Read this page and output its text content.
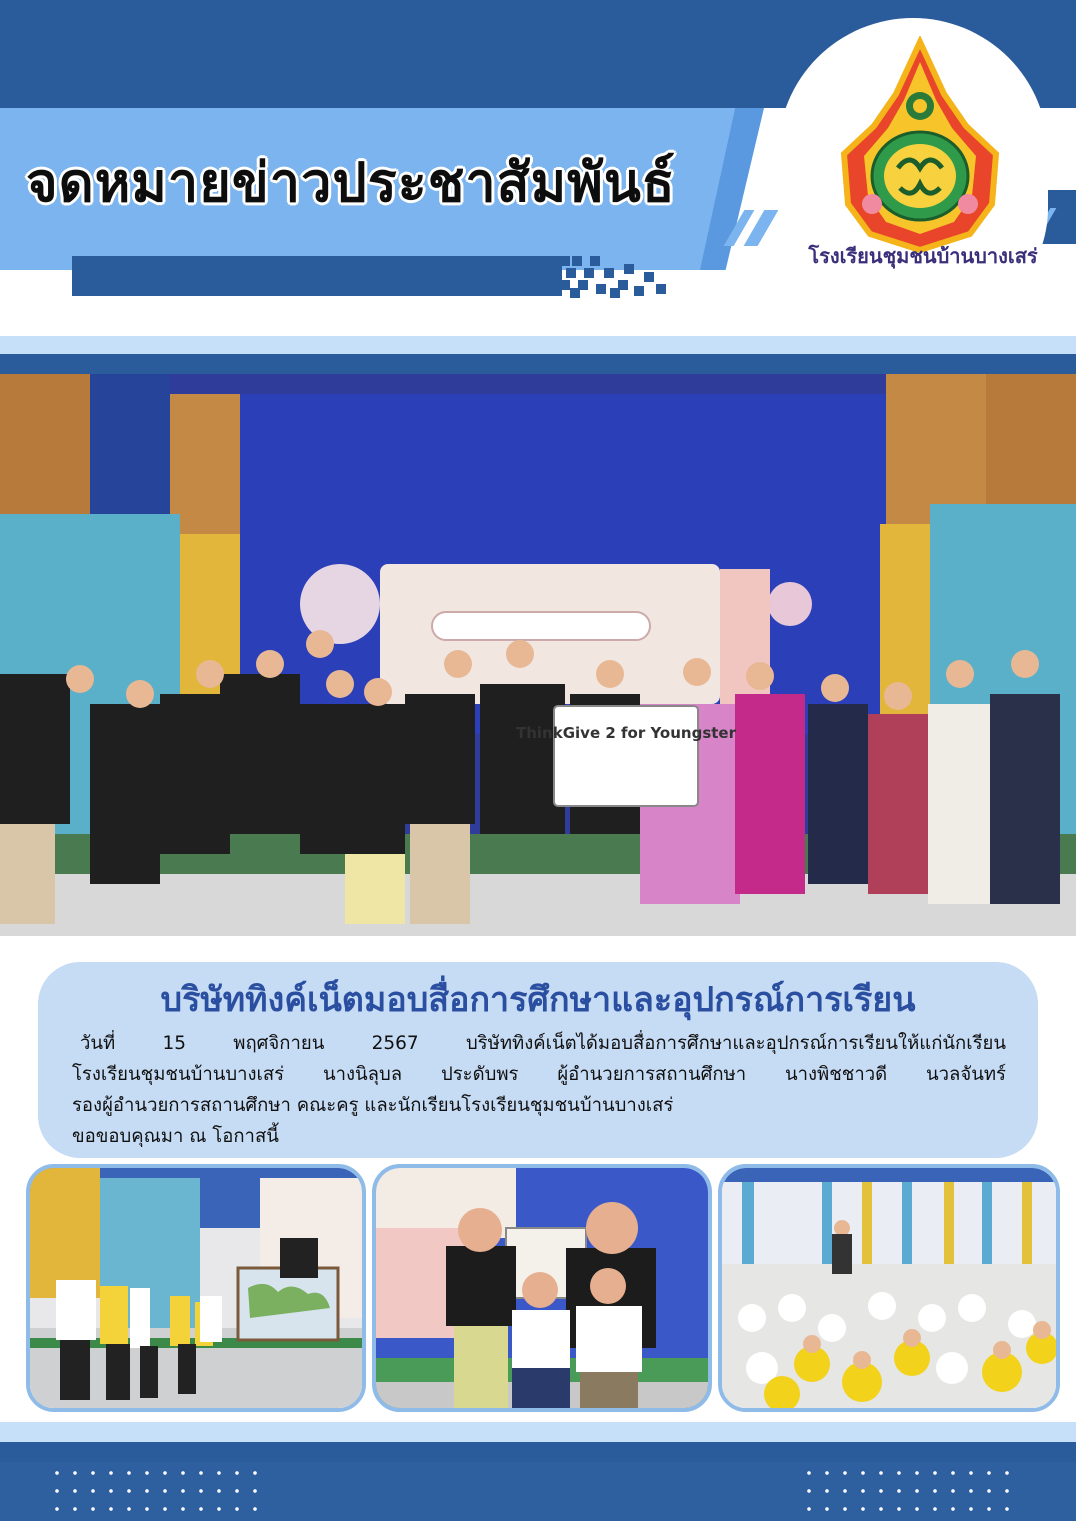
จดหมายข่าวประชาสัมพันธ์
โรงเรียนชุมชนบ้านบางเสร่
ThinkGive 2 for Youngster
บริษัททิงค์เน็ตมอบสื่อการศึกษาและอุปกรณ์การเรียน
วันที่ 15 พฤศจิกายน 2567 บริษัททิงค์เน็ตได้มอบสื่อการศึกษาและอุปกรณ์การเรียนให้แก่นักเรียน
โรงเรียนชุมชนบ้านบางเสร่ นางนิลุบล ประดับพร ผู้อำนวยการสถานศึกษา นางพิชชาวดี นวลจันทร์
รองผู้อำนวยการสถานศึกษา คณะครู และนักเรียนโรงเรียนชุมชนบ้านบางเสร่
ขอขอบคุณมา ณ โอกาสนี้
